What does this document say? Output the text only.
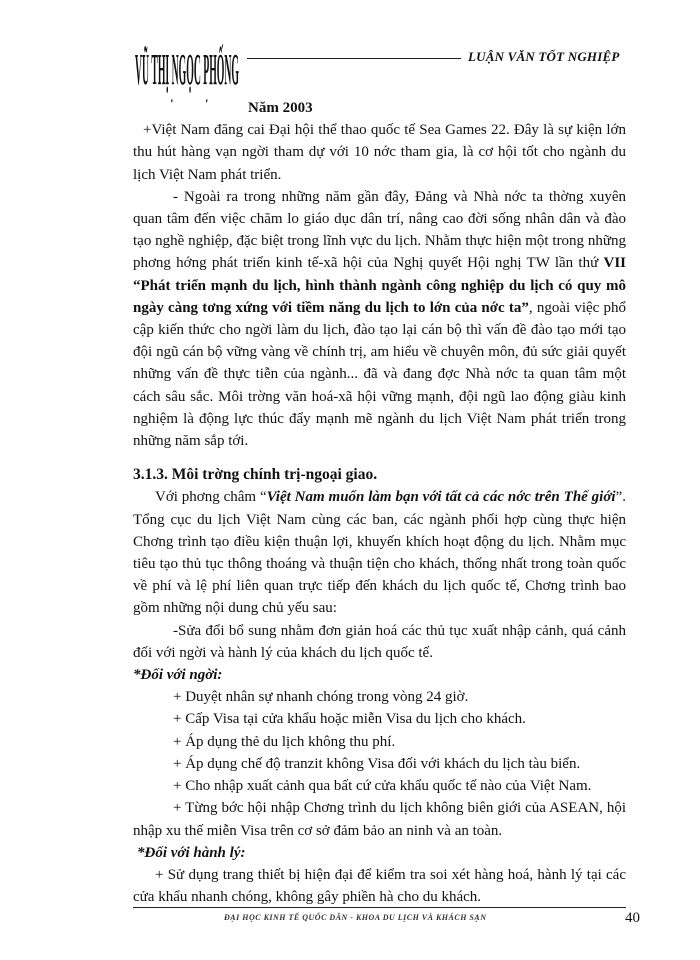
VŨ THỊ NGỌC PHỐNG	LUẬN VĂN TỐT NGHIỆP
' '	Năm 2003

+Việt Nam đăng cai Đại hội thể thao quốc tế Sea Games 22. Đây là sự kiện lớn thu hút hàng vạn ngời tham dự với 10 nớc tham gia, là cơ hội tốt cho ngành du lịch Việt Nam phát triển.

- Ngoài ra trong những năm gần đây, Đảng và Nhà nớc ta thờng xuyên quan tâm đến việc chăm lo giáo dục dân trí, nâng cao đời sống nhân dân và đào tạo nghề nghiệp, đặc biệt trong lĩnh vực du lịch. Nhằm thực hiện một trong những phơng hớng phát triển kinh tế-xã hội của Nghị quyết Hội nghị TW lần thứ VII “Phát triển mạnh du lịch, hình thành ngành công nghiệp du lịch có quy mô ngày càng tơng xứng với tiềm năng du lịch to lớn của nớc ta”, ngoài việc phổ cập kiến thức cho ngời làm du lịch, đào tạo lại cán bộ thì vấn đề đào tạo mới tạo đội ngũ cán bộ vững vàng về chính trị, am hiểu về chuyên môn, đủ sức giải quyết những vấn đề thực tiễn của ngành... đã và đang đợc Nhà nớc ta quan tâm một cách sâu sắc. Môi trờng văn hoá-xã hội vững mạnh, đội ngũ lao động giàu kinh nghiệm là động lực thúc đẩy mạnh mẽ ngành du lịch Việt Nam phát triển trong những năm sắp tới.

3.1.3. Môi trờng chính trị-ngoại giao.

Với phơng châm “Việt Nam muốn làm bạn với tất cả các nớc trên Thế giới”. Tổng cục du lịch Việt Nam cùng các ban, các ngành phối hợp cùng thực hiện Chơng trình tạo điều kiện thuận lợi, khuyến khích hoạt động du lịch. Nhằm mục tiêu tạo thủ tục thông thoáng và thuận tiện cho khách, thống nhất trong toàn quốc về phí và lệ phí liên quan trực tiếp đến khách du lịch quốc tế, Chơng trình bao gồm những nội dung chủ yếu sau:

-Sửa đổi bổ sung nhằm đơn giản hoá các thủ tục xuất nhập cảnh, quá cảnh đối với ngời và hành lý của khách du lịch quốc tế.

*Đối với ngời:

+ Duyệt nhân sự nhanh chóng trong vòng 24 giờ.

+ Cấp Visa tại cửa khẩu hoặc miễn Visa du lịch cho khách.

+ Áp dụng thẻ du lịch không thu phí.

+ Áp dụng chế độ tranzit không Visa đối với khách du lịch tàu biển.

+ Cho nhập xuất cảnh qua bất cứ cửa khẩu quốc tế nào của Việt Nam.

+ Từng bớc hội nhập Chơng trình du lịch không biên giới của ASEAN, hội nhập xu thế miễn Visa trên cơ sở đảm bảo an ninh và an toàn.

*Đối với hành lý:

+ Sử dụng trang thiết bị hiện đại để kiểm tra soi xét hàng hoá, hành lý tại các cửa khẩu nhanh chóng, không gây phiền hà cho du khách.

ĐẠI HỌC KINH TẾ QUỐC DÂN - KHOA DU LỊCH VÀ KHÁCH SẠN	40
